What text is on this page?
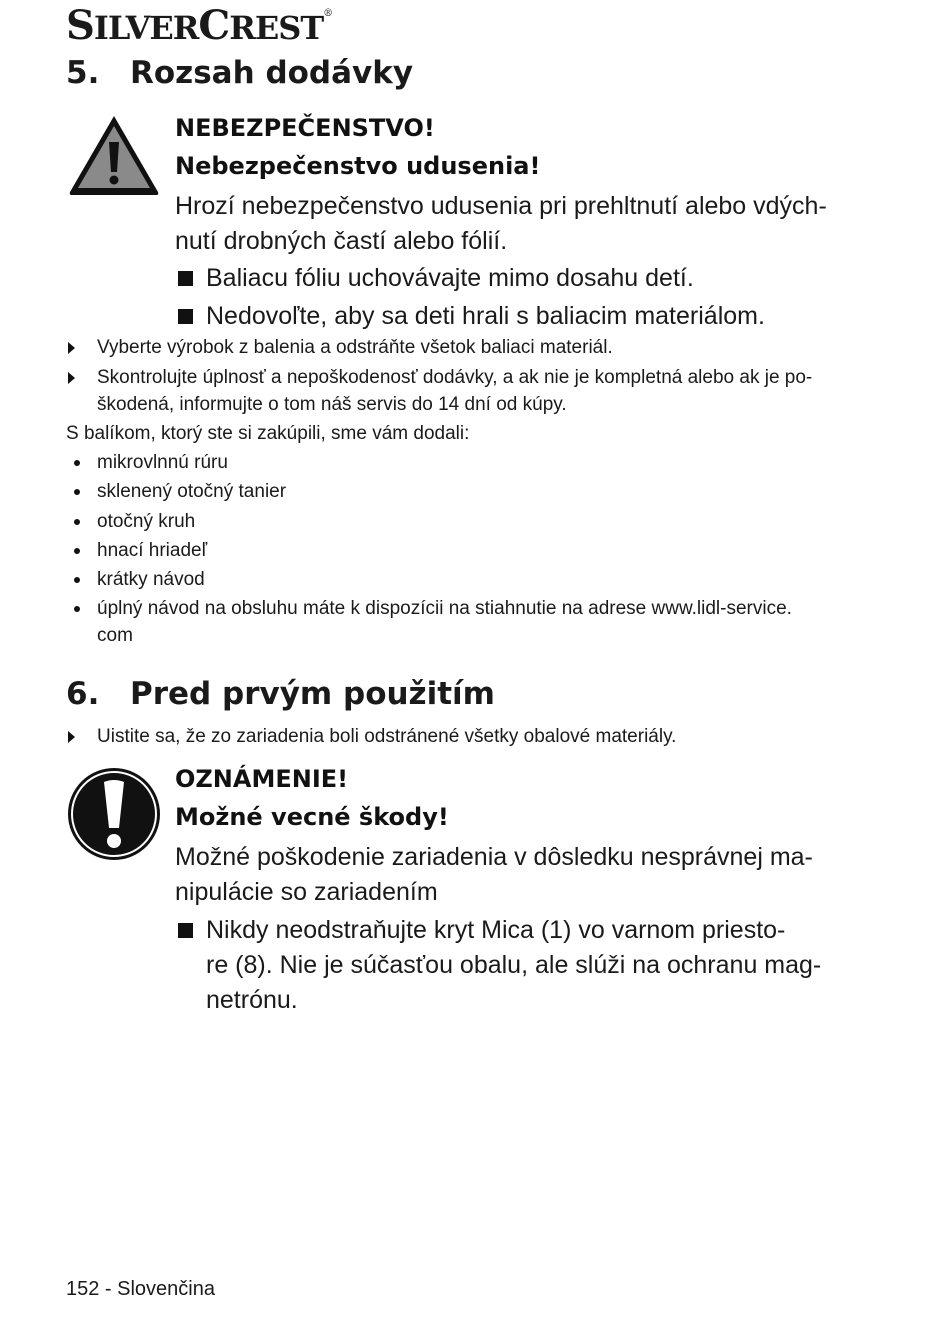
SILVERCREST®
5. Rozsah dodávky
NEBEZPEČENSTVO!
Nebezpečenstvo udusenia!
Hrozí nebezpečenstvo udusenia pri prehltnutí alebo vdých-
nutí drobných častí alebo fólií.
Baliacu fóliu uchovávajte mimo dosahu detí.
Nedovoľte, aby sa deti hrali s baliacim materiálom.
Vyberte výrobok z balenia a odstráňte všetok baliaci materiál.
Skontrolujte úplnosť a nepoškodenosť dodávky, a ak nie je kompletná alebo ak je po-
škodená, informujte o tom náš servis do 14 dní od kúpy.
S balíkom, ktorý ste si zakúpili, sme vám dodali:
mikrovlnnú rúru
sklenený otočný tanier
otočný kruh
hnací hriadeľ
krátky návod
úplný návod na obsluhu máte k dispozícii na stiahnutie na adrese www.lidl-service.
com
6. Pred prvým použitím
Uistite sa, že zo zariadenia boli odstránené všetky obalové materiály.
OZNÁMENIE!
Možné vecné škody!
Možné poškodenie zariadenia v dôsledku nesprávnej ma-
nipulácie so zariadením
Nikdy neodstraňujte kryt Mica (1) vo varnom priesto-
re (8). Nie je súčasťou obalu, ale slúži na ochranu mag-
netrónu.
152 - Slovenčina
